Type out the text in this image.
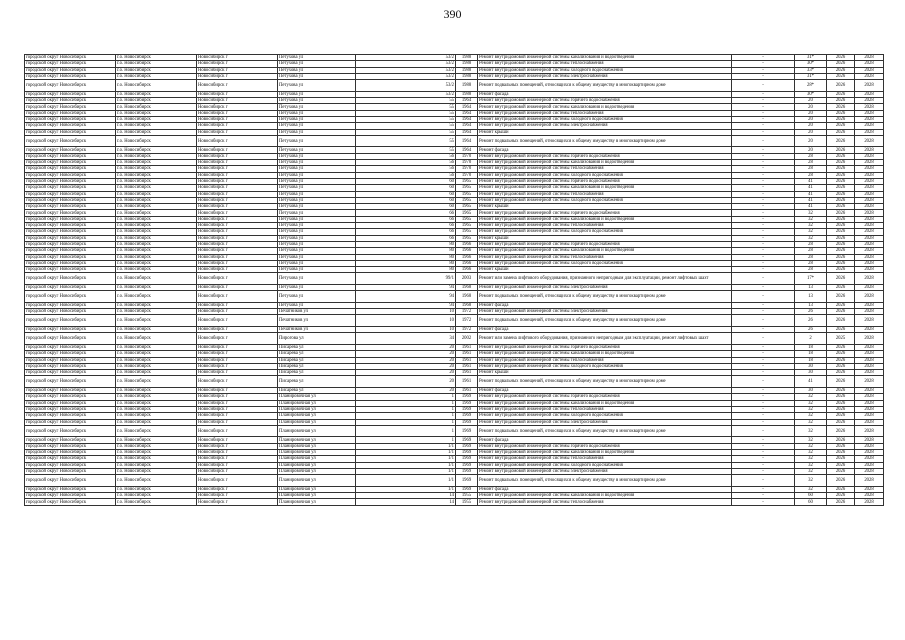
390
городской округ Новосибирск	г.о. Новосибирск	Новосибирск г	Петухова ул	53/2	1988	Ремонт внутридомовой инженерной системы канализования и водоотведения	-	31*	2026	2028
городской округ Новосибирск	г.о. Новосибирск	Новосибирск г	Петухова ул	53/2	1988	Ремонт внутридомовой инженерной системы теплоснабжения	-	30*	2026	2028
городской округ Новосибирск	г.о. Новосибирск	Новосибирск г	Петухова ул	53/2	1988	Ремонт внутридомовой инженерной системы холодного водоснабжения	-	33*	2026	2028
городской округ Новосибирск	г.о. Новосибирск	Новосибирск г	Петухова ул	53/2	1988	Ремонт внутридомовой инженерной системы электроснабжения	-	31*	2026	2028
городской округ Новосибирск	г.о. Новосибирск	Новосибирск г	Петухова ул	53/2	1988	Ремонт подвальных помещений, относящихся к общему имуществу в многоквартирном доме	-	28*	2026	2028
городской округ Новосибирск	г.о. Новосибирск	Новосибирск г	Петухова ул	53/2	1988	Ремонт фасада	-	30*	2026	2028
городской округ Новосибирск	г.о. Новосибирск	Новосибирск г	Петухова ул	55	1964	Ремонт внутридомовой инженерной системы горячего водоснабжения	-	20	2026	2028
городской округ Новосибирск	г.о. Новосибирск	Новосибирск г	Петухова ул	55	1964	Ремонт внутридомовой инженерной системы канализования и водоотведения	-	20	2026	2028
городской округ Новосибирск	г.о. Новосибирск	Новосибирск г	Петухова ул	55	1964	Ремонт внутридомовой инженерной системы теплоснабжения	-	20	2026	2028
городской округ Новосибирск	г.о. Новосибирск	Новосибирск г	Петухова ул	55	1964	Ремонт внутридомовой инженерной системы холодного водоснабжения	-	20	2026	2028
городской округ Новосибирск	г.о. Новосибирск	Новосибирск г	Петухова ул	55	1964	Ремонт внутридомовой инженерной системы электроснабжения	-	20	2026	2028
городской округ Новосибирск	г.о. Новосибирск	Новосибирск г	Петухова ул	55	1964	Ремонт крыши	-	20	2026	2028
городской округ Новосибирск	г.о. Новосибирск	Новосибирск г	Петухова ул	55	1964	Ремонт подвальных помещений, относящихся к общему имуществу в многоквартирном доме	-	20	2026	2028
городской округ Новосибирск	г.о. Новосибирск	Новосибирск г	Петухова ул	55	1964	Ремонт фасада	-	20	2026	2028
городской округ Новосибирск	г.о. Новосибирск	Новосибирск г	Петухова ул	56	1970	Ремонт внутридомовой инженерной системы горячего водоснабжения	-	28	2026	2028
городской округ Новосибирск	г.о. Новосибирск	Новосибирск г	Петухова ул	56	1970	Ремонт внутридомовой инженерной системы канализования и водоотведения	-	28	2026	2028
городской округ Новосибирск	г.о. Новосибирск	Новосибирск г	Петухова ул	56	1970	Ремонт внутридомовой инженерной системы теплоснабжения	-	28	2026	2028
городской округ Новосибирск	г.о. Новосибирск	Новосибирск г	Петухова ул	56	1970	Ремонт внутридомовой инженерной системы холодного водоснабжения	-	28	2026	2028
городской округ Новосибирск	г.о. Новосибирск	Новосибирск г	Петухова ул	60	1965	Ремонт внутридомовой инженерной системы горячего водоснабжения	-	41	2026	2028
городской округ Новосибирск	г.о. Новосибирск	Новосибирск г	Петухова ул	60	1965	Ремонт внутридомовой инженерной системы канализования и водоотведения	-	41	2026	2028
городской округ Новосибирск	г.о. Новосибирск	Новосибирск г	Петухова ул	60	1965	Ремонт внутридомовой инженерной системы теплоснабжения	-	41	2026	2028
городской округ Новосибирск	г.о. Новосибирск	Новосибирск г	Петухова ул	60	1965	Ремонт внутридомовой инженерной системы холодного водоснабжения	-	41	2026	2028
городской округ Новосибирск	г.о. Новосибирск	Новосибирск г	Петухова ул	60	1965	Ремонт крыши	-	41	2026	2028
городской округ Новосибирск	г.о. Новосибирск	Новосибирск г	Петухова ул	66	1965	Ремонт внутридомовой инженерной системы горячего водоснабжения	-	32	2026	2028
городской округ Новосибирск	г.о. Новосибирск	Новосибирск г	Петухова ул	66	1965	Ремонт внутридомовой инженерной системы канализования и водоотведения	-	32	2026	2028
городской округ Новосибирск	г.о. Новосибирск	Новосибирск г	Петухова ул	66	1965	Ремонт внутридомовой инженерной системы теплоснабжения	-	32	2026	2028
городской округ Новосибирск	г.о. Новосибирск	Новосибирск г	Петухова ул	66	1965	Ремонт внутридомовой инженерной системы холодного водоснабжения	-	32	2026	2028
городской округ Новосибирск	г.о. Новосибирск	Новосибирск г	Петухова ул	66	1965	Ремонт крыши	-	32	2026	2028
городской округ Новосибирск	г.о. Новосибирск	Новосибирск г	Петухова ул	80	1966	Ремонт внутридомовой инженерной системы горячего водоснабжения	-	28	2026	2028
городской округ Новосибирск	г.о. Новосибирск	Новосибирск г	Петухова ул	80	1966	Ремонт внутридомовой инженерной системы канализования и водоотведения	-	28	2026	2028
городской округ Новосибирск	г.о. Новосибирск	Новосибирск г	Петухова ул	80	1966	Ремонт внутридомовой инженерной системы теплоснабжения	-	28	2026	2028
городской округ Новосибирск	г.о. Новосибирск	Новосибирск г	Петухова ул	80	1966	Ремонт внутридомовой инженерной системы холодного водоснабжения	-	28	2026	2028
городской округ Новосибирск	г.о. Новосибирск	Новосибирск г	Петухова ул	80	1966	Ремонт крыши	-	28	2026	2028
городской округ Новосибирск	г.о. Новосибирск	Новосибирск г	Петухова ул	99/1	2003	Ремонт или замена лифтового оборудования, признанного непригодным для эксплуатации, ремонт лифтовых шахт	-	17*	2026	2028
городской округ Новосибирск	г.о. Новосибирск	Новосибирск г	Петухова ул	94	1968	Ремонт внутридомовой инженерной системы электроснабжения	-	13	2026	2028
городской округ Новосибирск	г.о. Новосибирск	Новосибирск г	Петухова ул	94	1968	Ремонт подвальных помещений, относящихся к общему имуществу в многоквартирном доме	-	13	2026	2028
городской округ Новосибирск	г.о. Новосибирск	Новосибирск г	Петухова ул	94	1968	Ремонт фасада	-	13	2026	2028
городской округ Новосибирск	г.о. Новосибирск	Новосибирск г	Печатников ул	10	1972	Ремонт внутридомовой инженерной системы электроснабжения	-	26	2026	2028
городской округ Новосибирск	г.о. Новосибирск	Новосибирск г	Печатников ул	10	1972	Ремонт подвальных помещений, относящихся к общему имуществу в многоквартирном доме	-	26	2026	2028
городской округ Новосибирск	г.о. Новосибирск	Новосибирск г	Печатников ул	10	1972	Ремонт фасада	-	26	2026	2028
городской округ Новосибирск	г.о. Новосибирск	Новосибирск г	Пирогова ул	34	2002	Ремонт или замена лифтового оборудования, признанного непригодным для эксплуатации, ремонт лифтовых шахт	-	2	2025	2028
городской округ Новосибирск	г.о. Новосибирск	Новосибирск г	Писарева ул	20	1961	Ремонт внутридомовой инженерной системы горячего водоснабжения	-	18	2026	2028
городской округ Новосибирск	г.о. Новосибирск	Новосибирск г	Писарева ул	20	1961	Ремонт внутридомовой инженерной системы канализования и водоотведения	-	18	2026	2028
городской округ Новосибирск	г.о. Новосибирск	Новосибирск г	Писарева ул	20	1961	Ремонт внутридомовой инженерной системы теплоснабжения	-	18	2026	2028
городской округ Новосибирск	г.о. Новосибирск	Новосибирск г	Писарева ул	20	1961	Ремонт внутридомовой инженерной системы холодного водоснабжения	-	30	2026	2028
городской округ Новосибирск	г.о. Новосибирск	Новосибирск г	Писарева ул	20	1961	Ремонт крыши	-	30	2026	2028
городской округ Новосибирск	г.о. Новосибирск	Новосибирск г	Писарева ул	20	1961	Ремонт подвальных помещений, относящихся к общему имуществу в многоквартирном доме	-	41	2026	2028
городской округ Новосибирск	г.о. Новосибирск	Новосибирск г	Писарева ул	20	1961	Ремонт фасада	-	30	2026	2028
городской округ Новосибирск	г.о. Новосибирск	Новосибирск г	Планировочная ул	1	1969	Ремонт внутридомовой инженерной системы горячего водоснабжения	-	32	2026	2028
городской округ Новосибирск	г.о. Новосибирск	Новосибирск г	Планировочная ул	1	1969	Ремонт внутридомовой инженерной системы канализования и водоотведения	-	32	2026	2028
городской округ Новосибирск	г.о. Новосибирск	Новосибирск г	Планировочная ул	1	1969	Ремонт внутридомовой инженерной системы теплоснабжения	-	32	2026	2028
городской округ Новосибирск	г.о. Новосибирск	Новосибирск г	Планировочная ул	1	1969	Ремонт внутридомовой инженерной системы холодного водоснабжения	-	32	2026	2028
городской округ Новосибирск	г.о. Новосибирск	Новосибирск г	Планировочная ул	1	1969	Ремонт внутридомовой инженерной системы электроснабжения	-	32	2026	2028
городской округ Новосибирск	г.о. Новосибирск	Новосибирск г	Планировочная ул	1	1969	Ремонт подвальных помещений, относящихся к общему имуществу в многоквартирном доме	-	32	2026	2028
городской округ Новосибирск	г.о. Новосибирск	Новосибирск г	Планировочная ул	1	1969	Ремонт фасада	-	32	2026	2028
городской округ Новосибирск	г.о. Новосибирск	Новосибирск г	Планировочная ул	1/1	1969	Ремонт внутридомовой инженерной системы горячего водоснабжения	-	32	2026	2028
городской округ Новосибирск	г.о. Новосибирск	Новосибирск г	Планировочная ул	1/1	1969	Ремонт внутридомовой инженерной системы канализования и водоотведения	-	32	2026	2028
городской округ Новосибирск	г.о. Новосибирск	Новосибирск г	Планировочная ул	1/1	1969	Ремонт внутридомовой инженерной системы теплоснабжения	-	32	2026	2028
городской округ Новосибирск	г.о. Новосибирск	Новосибирск г	Планировочная ул	1/1	1969	Ремонт внутридомовой инженерной системы холодного водоснабжения	-	32	2026	2028
городской округ Новосибирск	г.о. Новосибирск	Новосибирск г	Планировочная ул	1/1	1969	Ремонт внутридомовой инженерной системы электроснабжения	-	32	2026	2028
городской округ Новосибирск	г.о. Новосибирск	Новосибирск г	Планировочная ул	1/1	1969	Ремонт подвальных помещений, относящихся к общему имуществу в многоквартирном доме	-	32	2026	2028
городской округ Новосибирск	г.о. Новосибирск	Новосибирск г	Планировочная ул	1/1	1969	Ремонт фасада	-	32	2026	2028
городской округ Новосибирск	г.о. Новосибирск	Новосибирск г	Планировочная ул	14	1955	Ремонт внутридомовой инженерной системы канализования и водоотведения	-	60	2026	2028
городской округ Новосибирск	г.о. Новосибирск	Новосибирск г	Планировочная ул	14	1955	Ремонт внутридомовой инженерной системы теплоснабжения	-	60	2026	2028
